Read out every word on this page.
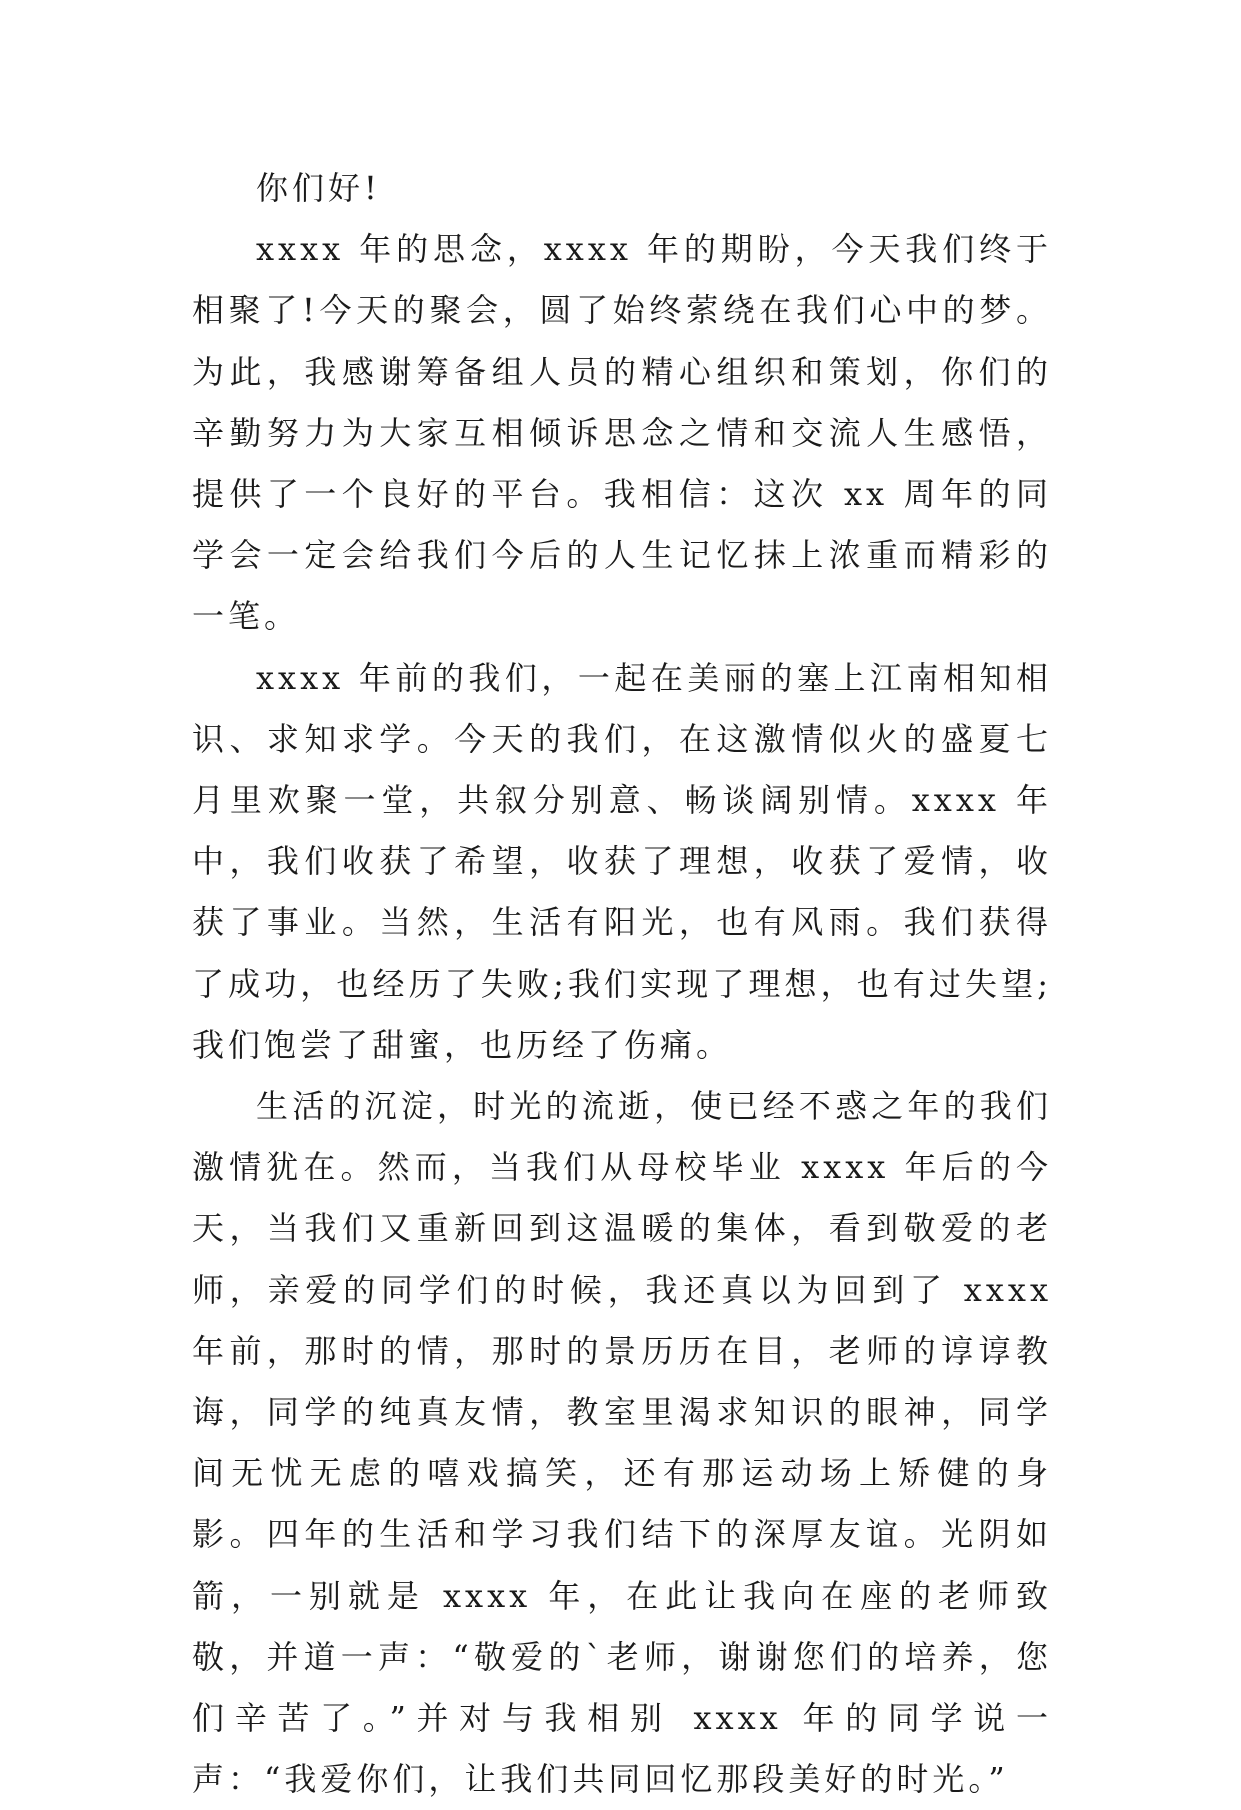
你们好!

xxxx 年的思念，xxxx 年的期盼，今天我们终于相聚了!今天的聚会，圆了始终萦绕在我们心中的梦。为此，我感谢筹备组人员的精心组织和策划，你们的辛勤努力为大家互相倾诉思念之情和交流人生感悟，提供了一个良好的平台。我相信：这次 xx 周年的同学会一定会给我们今后的人生记忆抹上浓重而精彩的一笔。

xxxx 年前的我们，一起在美丽的塞上江南相知相识、求知求学。今天的我们，在这激情似火的盛夏七月里欢聚一堂，共叙分别意、畅谈阔别情。xxxx 年中，我们收获了希望，收获了理想，收获了爱情，收获了事业。当然，生活有阳光，也有风雨。我们获得了成功，也经历了失败;我们实现了理想，也有过失望;我们饱尝了甜蜜，也历经了伤痛。

生活的沉淀，时光的流逝，使已经不惑之年的我们激情犹在。然而，当我们从母校毕业 xxxx 年后的今天，当我们又重新回到这温暖的集体，看到敬爱的老师，亲爱的同学们的时候，我还真以为回到了 xxxx 年前，那时的情，那时的景历历在目，老师的谆谆教诲，同学的纯真友情，教室里渴求知识的眼神，同学间无忧无虑的嘻戏搞笑，还有那运动场上矫健的身影。四年的生活和学习我们结下的深厚友谊。光阴如箭，一别就是 xxxx 年，在此让我向在座的老师致敬，并道一声：“敬爱的`老师，谢谢您们的培养，您们辛苦了。”并对与我相别 xxxx 年的同学说一声：“我爱你们，让我们共同回忆那段美好的时光。”
